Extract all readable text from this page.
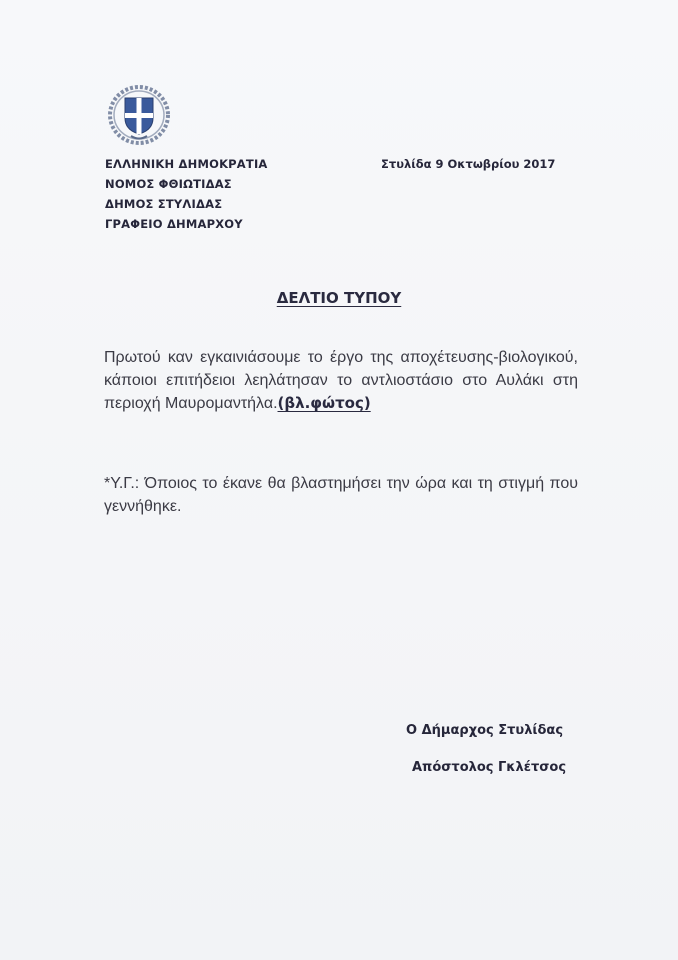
ΕΛΛΗΝΙΚΗ ΔΗΜΟΚΡΑΤΙΑ
ΝΟΜΟΣ ΦΘΙΩΤΙΔΑΣ
ΔΗΜΟΣ ΣΤΥΛΙΔΑΣ
ΓΡΑΦΕΙΟ ΔΗΜΑΡΧΟΥ
Στυλίδα 9 Οκτωβρίου 2017
ΔΕΛΤΙΟ ΤΥΠΟΥ
Πρωτού καν εγκαινιάσουμε το έργο της αποχέτευσης-βιολογικού, κάποιοι επιτήδειοι λεηλάτησαν το αντλιοστάσιο στο Αυλάκι στη περιοχή Μαυρομαντήλα.(βλ.φώτος)
*Υ.Γ.: Όποιος το έκανε θα βλαστημήσει την ώρα και τη στιγμή που γεννήθηκε.
Ο Δήμαρχος Στυλίδας
Απόστολος Γκλέτσος
